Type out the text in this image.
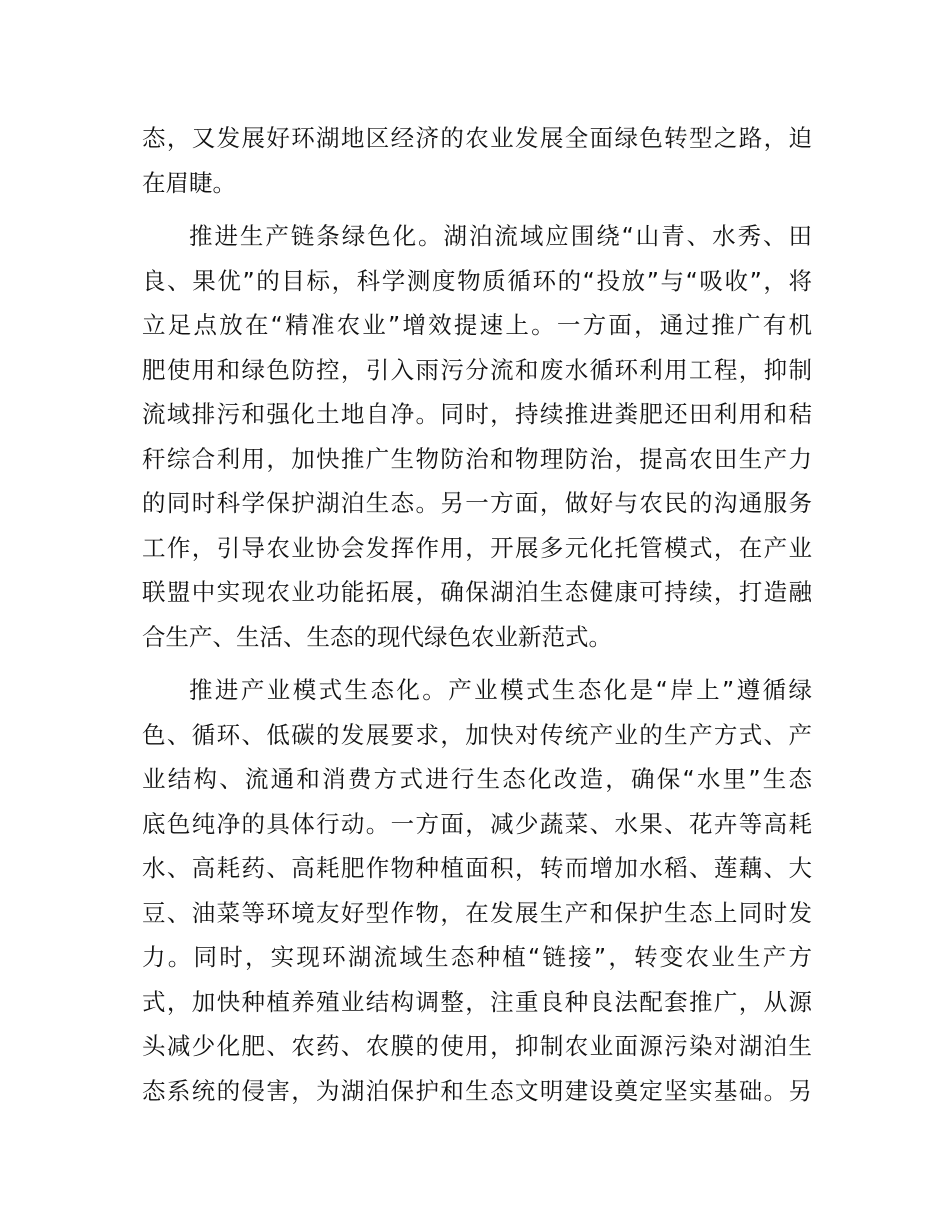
态，又发展好环湖地区经济的农业发展全面绿色转型之路，迫
在眉睫。
推进生产链条绿色化。湖泊流域应围绕“山青、水秀、田
良、果优”的目标，科学测度物质循环的“投放”与“吸收”，将
立足点放在“精准农业”增效提速上。一方面，通过推广有机
肥使用和绿色防控，引入雨污分流和废水循环利用工程，抑制
流域排污和强化土地自净。同时，持续推进粪肥还田利用和秸
秆综合利用，加快推广生物防治和物理防治，提高农田生产力
的同时科学保护湖泊生态。另一方面，做好与农民的沟通服务
工作，引导农业协会发挥作用，开展多元化托管模式，在产业
联盟中实现农业功能拓展，确保湖泊生态健康可持续，打造融
合生产、生活、生态的现代绿色农业新范式。
推进产业模式生态化。产业模式生态化是“岸上”遵循绿
色、循环、低碳的发展要求，加快对传统产业的生产方式、产
业结构、流通和消费方式进行生态化改造，确保“水里”生态
底色纯净的具体行动。一方面，减少蔬菜、水果、花卉等高耗
水、高耗药、高耗肥作物种植面积，转而增加水稻、莲藕、大
豆、油菜等环境友好型作物，在发展生产和保护生态上同时发
力。同时，实现环湖流域生态种植“链接”，转变农业生产方
式，加快种植养殖业结构调整，注重良种良法配套推广，从源
头减少化肥、农药、农膜的使用，抑制农业面源污染对湖泊生
态系统的侵害，为湖泊保护和生态文明建设奠定坚实基础。另
